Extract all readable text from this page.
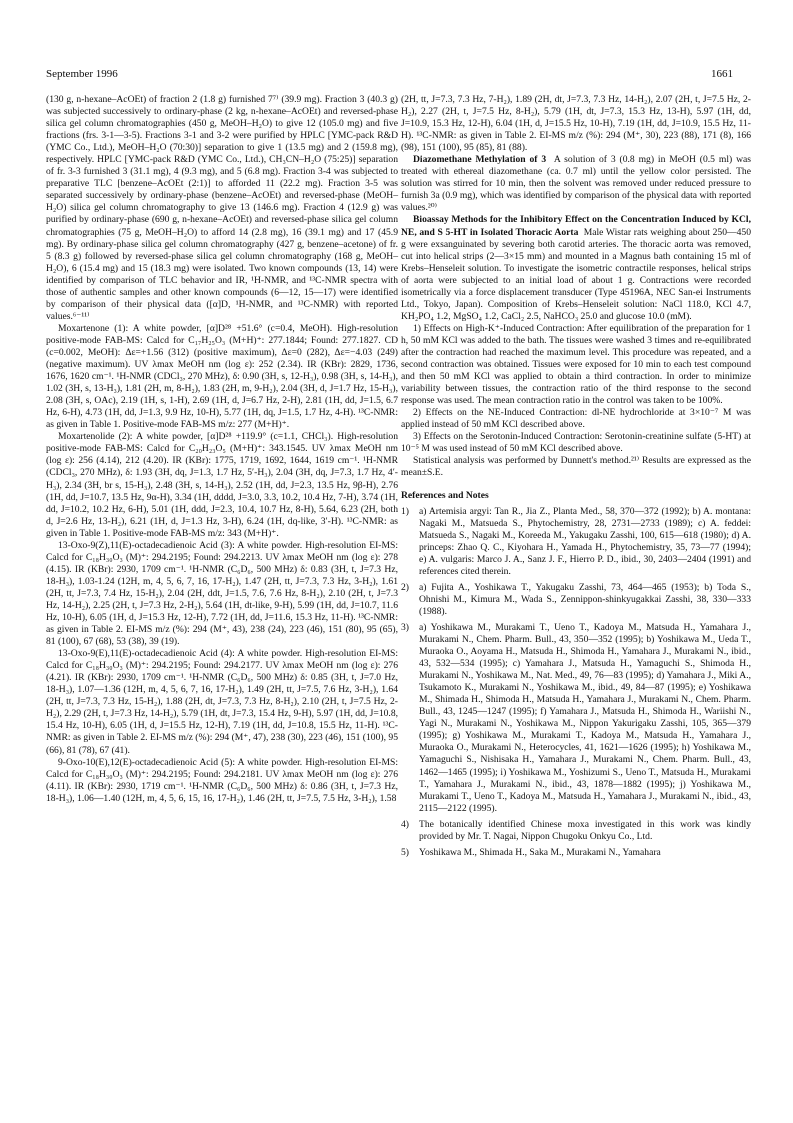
September 1996	1661

(130 g, n-hexane–AcOEt) of fraction 2 (1.8 g) furnished 7⁷⁾ (39.9 mg). Fraction 3 (40.3 g) was subjected successively to ordinary-phase (2 kg, n-hexane–AcOEt) and reversed-phase silica gel column chromatographies (450 g, MeOH–H₂O) to give 12 (105.0 mg) and five fractions (frs. 3-1—3-5). Fractions 3-1 and 3-2 were purified by HPLC [YMC-pack R&D (YMC Co., Ltd.), MeOH–H₂O (70:30)] separation to give 1 (13.5 mg) and 2 (159.8 mg), respectively. HPLC [YMC-pack R&D (YMC Co., Ltd.), CH₃CN–H₂O (75:25)] separation of fr. 3-3 furnished 3 (31.1 mg), 4 (9.3 mg), and 5 (6.8 mg). Fraction 3-4 was subjected to preparative TLC [benzene–AcOEt (2:1)] to afforded 11 (22.2 mg). Fraction 3-5 was separated successively by ordinary-phase (benzene–AcOEt) and reversed-phase (MeOH–H₂O) silica gel column chromatography to give 13 (146.6 mg). Fraction 4 (12.9 g) was purified by ordinary-phase (690 g, n-hexane–AcOEt) and reversed-phase silica gel column chromatographies (75 g, MeOH–H₂O) to afford 14 (2.8 mg), 16 (39.1 mg) and 17 (45.9 mg). By ordinary-phase silica gel column chromatography (427 g, benzene–acetone) of fr. 5 (8.3 g) followed by reversed-phase silica gel column chromatography (168 g, MeOH–H₂O), 6 (15.4 mg) and 15 (18.3 mg) were isolated. Two known compounds (13, 14) were identified by comparison of TLC behavior and IR, ¹H-NMR, and ¹³C-NMR spectra with those of authentic samples and other known compounds (6—12, 15—17) were identified by comparison of their physical data ([α]D, ¹H-NMR, and ¹³C-NMR) with reported values.⁶⁻¹¹⁾

Moxartenone (1): A white powder, [α]D²⁸ +51.6° (c=0.4, MeOH). High-resolution positive-mode FAB-MS: Calcd for C₁₇H₂₅O₃ (M+H)⁺: 277.1844; Found: 277.1827. CD (c=0.002, MeOH): Δε=+1.56 (312) (positive maximum), Δε=0 (282), Δε=−4.03 (249) (negative maximum). UV λmax MeOH nm (log ε): 252 (2.34). IR (KBr): 2829, 1736, 1676, 1620 cm⁻¹. ¹H-NMR (CDCl₃, 270 MHz), δ: 0.90 (3H, s, 12-H₃), 0.98 (3H, s, 14-H₃), 1.02 (3H, s, 13-H₃), 1.81 (2H, m, 8-H₂), 1.83 (2H, m, 9-H₂), 2.04 (3H, d, J=1.7 Hz, 15-H₃), 2.08 (3H, s, OAc), 2.19 (1H, s, 1-H), 2.69 (1H, d, J=6.7 Hz, 2-H), 2.81 (1H, dd, J=1.5, 6.7 Hz, 6-H), 4.73 (1H, dd, J=1.3, 9.9 Hz, 10-H), 5.77 (1H, dq, J=1.5, 1.7 Hz, 4-H). ¹³C-NMR: as given in Table 1. Positive-mode FAB-MS m/z: 277 (M+H)⁺.

Moxartenolide (2): A white powder, [α]D²⁸ +119.9° (c=1.1, CHCl₃). High-resolution positive-mode FAB-MS: Calcd for C₂₀H₂₃O₅ (M+H)⁺: 343.1545. UV λmax MeOH nm (log ε): 256 (4.14), 212 (4.20). IR (KBr): 1775, 1719, 1692, 1644, 1619 cm⁻¹. ¹H-NMR (CDCl₃, 270 MHz), δ: 1.93 (3H, dq, J=1.3, 1.7 Hz, 5′-H₃), 2.04 (3H, dq, J=7.3, 1.7 Hz, 4′-H₃), 2.34 (3H, br s, 15-H₃), 2.48 (3H, s, 14-H₃), 2.52 (1H, dd, J=2.3, 13.5 Hz, 9β-H), 2.76 (1H, dd, J=10.7, 13.5 Hz, 9α-H), 3.34 (1H, dddd, J=3.0, 3.3, 10.2, 10.4 Hz, 7-H), 3.74 (1H, dd, J=10.2, 10.2 Hz, 6-H), 5.01 (1H, ddd, J=2.3, 10.4, 10.7 Hz, 8-H), 5.64, 6.23 (2H, both d, J=2.6 Hz, 13-H₂), 6.21 (1H, d, J=1.3 Hz, 3-H), 6.24 (1H, dq-like, 3′-H). ¹³C-NMR: as given in Table 1. Positive-mode FAB-MS m/z: 343 (M+H)⁺.

13-Oxo-9(Z),11(E)-octadecadienoic Acid (3): A white powder. High-resolution EI-MS: Calcd for C₁₈H₃₀O₃ (M)⁺: 294.2195; Found: 294.2213. UV λmax MeOH nm (log ε): 278 (4.15). IR (KBr): 2930, 1709 cm⁻¹. ¹H-NMR (C₆D₆, 500 MHz) δ: 0.83 (3H, t, J=7.3 Hz, 18-H₃), 1.03-1.24 (12H, m, 4, 5, 6, 7, 16, 17-H₂), 1.47 (2H, tt, J=7.3, 7.3 Hz, 3-H₂), 1.61 (2H, tt, J=7.3, 7.4 Hz, 15-H₂), 2.04 (2H, ddt, J=1.5, 7.6, 7.6 Hz, 8-H₂), 2.10 (2H, t, J=7.3 Hz, 14-H₂), 2.25 (2H, t, J=7.3 Hz, 2-H₂), 5.64 (1H, dt-like, 9-H), 5.99 (1H, dd, J=10.7, 11.6 Hz, 10-H), 6.05 (1H, d, J=15.3 Hz, 12-H), 7.72 (1H, dd, J=11.6, 15.3 Hz, 11-H). ¹³C-NMR: as given in Table 2. EI-MS m/z (%): 294 (M⁺, 43), 238 (24), 223 (46), 151 (80), 95 (65), 81 (100), 67 (68), 53 (38), 39 (19).

13-Oxo-9(E),11(E)-octadecadienoic Acid (4): A white powder. High-resolution EI-MS: Calcd for C₁₈H₃₀O₃ (M)⁺: 294.2195; Found: 294.2177. UV λmax MeOH nm (log ε): 276 (4.21). IR (KBr): 2930, 1709 cm⁻¹. ¹H-NMR (C₆D₆, 500 MHz) δ: 0.85 (3H, t, J=7.0 Hz, 18-H₃), 1.07—1.36 (12H, m, 4, 5, 6, 7, 16, 17-H₂), 1.49 (2H, tt, J=7.5, 7.6 Hz, 3-H₂), 1.64 (2H, tt, J=7.3, 7.3 Hz, 15-H₂), 1.88 (2H, dt, J=7.3, 7.3 Hz, 8-H₂), 2.10 (2H, t, J=7.5 Hz, 2-H₂), 2.29 (2H, t, J=7.3 Hz, 14-H₂), 5.79 (1H, dt, J=7.3, 15.4 Hz, 9-H), 5.97 (1H, dd, J=10.8, 15.4 Hz, 10-H), 6.05 (1H, d, J=15.5 Hz, 12-H), 7.19 (1H, dd, J=10.8, 15.5 Hz, 11-H). ¹³C-NMR: as given in Table 2. EI-MS m/z (%): 294 (M⁺, 47), 238 (30), 223 (46), 151 (100), 95 (66), 81 (78), 67 (41).

9-Oxo-10(E),12(E)-octadecadienoic Acid (5): A white powder. High-resolution EI-MS: Calcd for C₁₈H₃₀O₃ (M)⁺: 294.2195; Found: 294.2181. UV λmax MeOH nm (log ε): 276 (4.11). IR (KBr): 2930, 1719 cm⁻¹. ¹H-NMR (C₆D₆, 500 MHz) δ: 0.86 (3H, t, J=7.3 Hz, 18-H₃), 1.06—1.40 (12H, m, 4, 5, 6, 15, 16, 17-H₂), 1.46 (2H, tt, J=7.5, 7.5 Hz, 3-H₂), 1.58

(2H, tt, J=7.3, 7.3 Hz, 7-H₂), 1.89 (2H, dt, J=7.3, 7.3 Hz, 14-H₂), 2.07 (2H, t, J=7.5 Hz, 2-H₂), 2.27 (2H, t, J=7.5 Hz, 8-H₂), 5.79 (1H, dt, J=7.3, 15.3 Hz, 13-H), 5.97 (1H, dd, J=10.9, 15.3 Hz, 12-H), 6.04 (1H, d, J=15.5 Hz, 10-H), 7.19 (1H, dd, J=10.9, 15.5 Hz, 11-H). ¹³C-NMR: as given in Table 2. EI-MS m/z (%): 294 (M⁺, 30), 223 (88), 171 (8), 166 (98), 151 (100), 95 (85), 81 (88).

Diazomethane Methylation of 3 A solution of 3 (0.8 mg) in MeOH (0.5 ml) was treated with ethereal diazomethane (ca. 0.7 ml) until the yellow color persisted. The solution was stirred for 10 min, then the solvent was removed under reduced pressure to furnish 3a (0.9 mg), which was identified by comparison of the physical data with reported values.²⁰⁾

Bioassay Methods for the Inhibitory Effect on the Concentration Induced by KCl, NE, and S 5-HT in Isolated Thoracic Aorta Male Wistar rats weighing about 250—450 g were exsanguinated by severing both carotid arteries. The thoracic aorta was removed, cut into helical strips (2—3×15 mm) and mounted in a Magnus bath containing 15 ml of Krebs–Henseleit solution. To investigate the isometric contractile responses, helical strips of aorta were subjected to an initial load of about 1 g. Contractions were recorded isometrically via a force displacement transducer (Type 45196A, NEC San-ei Instruments Ltd., Tokyo, Japan). Composition of Krebs–Henseleit solution: NaCl 118.0, KCl 4.7, KH₂PO₄ 1.2, MgSO₄ 1.2, CaCl₂ 2.5, NaHCO₃ 25.0 and glucose 10.0 (mM).

1) Effects on High-K⁺-Induced Contraction: After equilibration of the preparation for 1 h, 50 mM KCl was added to the bath. The tissues were washed 3 times and re-equilibrated after the contraction had reached the maximum level. This procedure was repeated, and a second contraction was obtained. Tissues were exposed for 10 min to each test compound and then 50 mM KCl was applied to obtain a third contraction. In order to minimize variability between tissues, the contraction ratio of the third response to the second response was used. The mean contraction ratio in the control was taken to be 100%.

2) Effects on the NE-Induced Contraction: dl-NE hydrochloride at 3×10⁻⁷ M was applied instead of 50 mM KCl described above.

3) Effects on the Serotonin-Induced Contraction: Serotonin-creatinine sulfate (5-HT) at 10⁻⁵ M was used instead of 50 mM KCl described above.

Statistical analysis was performed by Dunnett's method.²¹⁾ Results are expressed as the mean±S.E.

References and Notes
1)	a) Artemisia argyi: Tan R., Jia Z., Planta Med., 58, 370—372 (1992); b) A. montana: Nagaki M., Matsueda S., Phytochemistry, 28, 2731—2733 (1989); c) A. feddei: Matsueda S., Nagaki M., Koreeda M., Yakugaku Zasshi, 100, 615—618 (1980); d) A. princeps: Zhao Q. C., Kiyohara H., Yamada H., Phytochemistry, 35, 73—77 (1994); e) A. vulgaris: Marco J. A., Sanz J. F., Hierro P. D., ibid., 30, 2403—2404 (1991) and references cited therein.
2)	a) Fujita A., Yoshikawa T., Yakugaku Zasshi, 73, 464—465 (1953); b) Toda S., Ohnishi M., Kimura M., Wada S., Zennippon-shinkyugakkai Zasshi, 38, 330—333 (1988).
3)	a) Yoshikawa M., Murakami T., Ueno T., Kadoya M., Matsuda H., Yamahara J., Murakami N., Chem. Pharm. Bull., 43, 350—352 (1995); b) Yoshikawa M., Ueda T., Muraoka O., Aoyama H., Matsuda H., Shimoda H., Yamahara J., Murakami N., ibid., 43, 532—534 (1995); c) Yamahara J., Matsuda H., Yamaguchi S., Shimoda H., Murakami N., Yoshikawa M., Nat. Med., 49, 76—83 (1995); d) Yamahara J., Miki A., Tsukamoto K., Murakami N., Yoshikawa M., ibid., 49, 84—87 (1995); e) Yoshikawa M., Shimada H., Shimoda H., Matsuda H., Yamahara J., Murakami N., Chem. Pharm. Bull., 43, 1245—1247 (1995); f) Yamahara J., Matsuda H., Shimoda H., Wariishi N., Yagi N., Murakami N., Yoshikawa M., Nippon Yakurigaku Zasshi, 105, 365—379 (1995); g) Yoshikawa M., Murakami T., Kadoya M., Matsuda H., Yamahara J., Muraoka O., Murakami N., Heterocycles, 41, 1621—1626 (1995); h) Yoshikawa M., Yamaguchi S., Nishisaka H., Yamahara J., Murakami N., Chem. Pharm. Bull., 43, 1462—1465 (1995); i) Yoshikawa M., Yoshizumi S., Ueno T., Matsuda H., Murakami T., Yamahara J., Murakami N., ibid., 43, 1878—1882 (1995); j) Yoshikawa M., Murakami T., Ueno T., Kadoya M., Matsuda H., Yamahara J., Murakami N., ibid., 43, 2115—2122 (1995).
4)	The botanically identified Chinese moxa investigated in this work was kindly provided by Mr. T. Nagai, Nippon Chugoku Onkyu Co., Ltd.
5)	Yoshikawa M., Shimada H., Saka M., Murakami N., Yamahara
